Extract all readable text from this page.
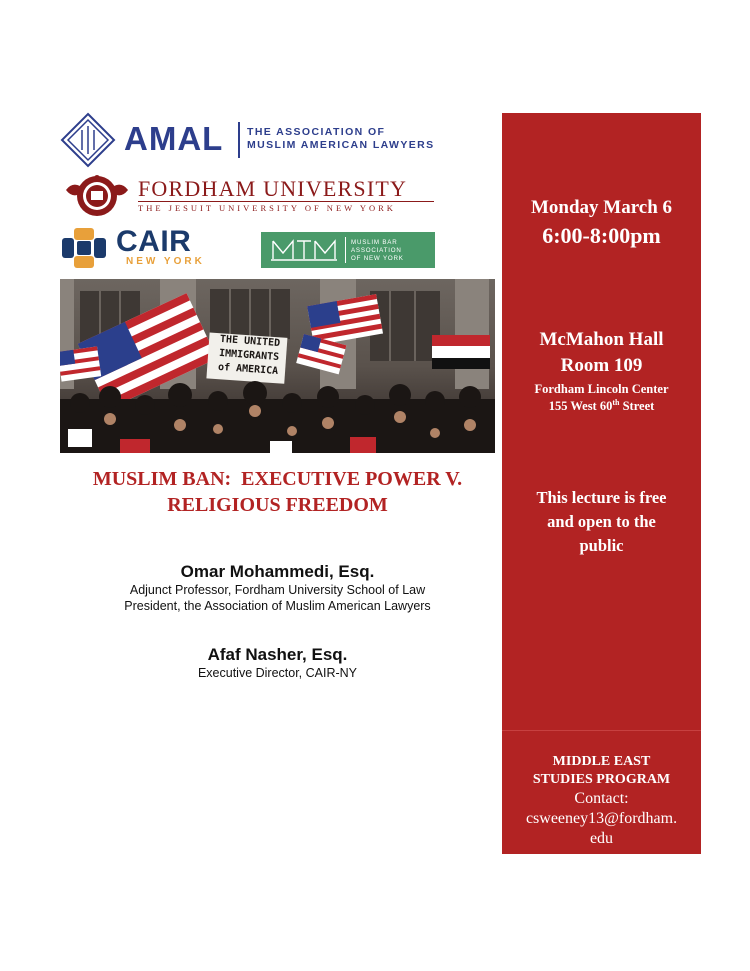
AMAL THE ASSOCIATION OF
MUSLIM AMERICAN LAWYERS
FORDHAM UNIVERSITY
THE JESUIT UNIVERSITY OF NEW YORK
CAIR
NEW YORK
MUSLIM BAR
ASSOCIATION
OF NEW YORK
THE UNITED
IMMIGRANTS
of AMERICA
MUSLIM BAN:  EXECUTIVE POWER V.
RELIGIOUS FREEDOM
Omar Mohammedi, Esq.
Adjunct Professor, Fordham University School of Law
President, the Association of Muslim American Lawyers
Afaf Nasher, Esq.
Executive Director, CAIR-NY
Monday March 6
6:00-8:00pm
McMahon Hall
Room 109
Fordham Lincoln Center
155 West 60th Street
This lecture is free
and open to the
public
MIDDLE EAST
STUDIES PROGRAM
Contact:
csweeney13@fordham.
edu
